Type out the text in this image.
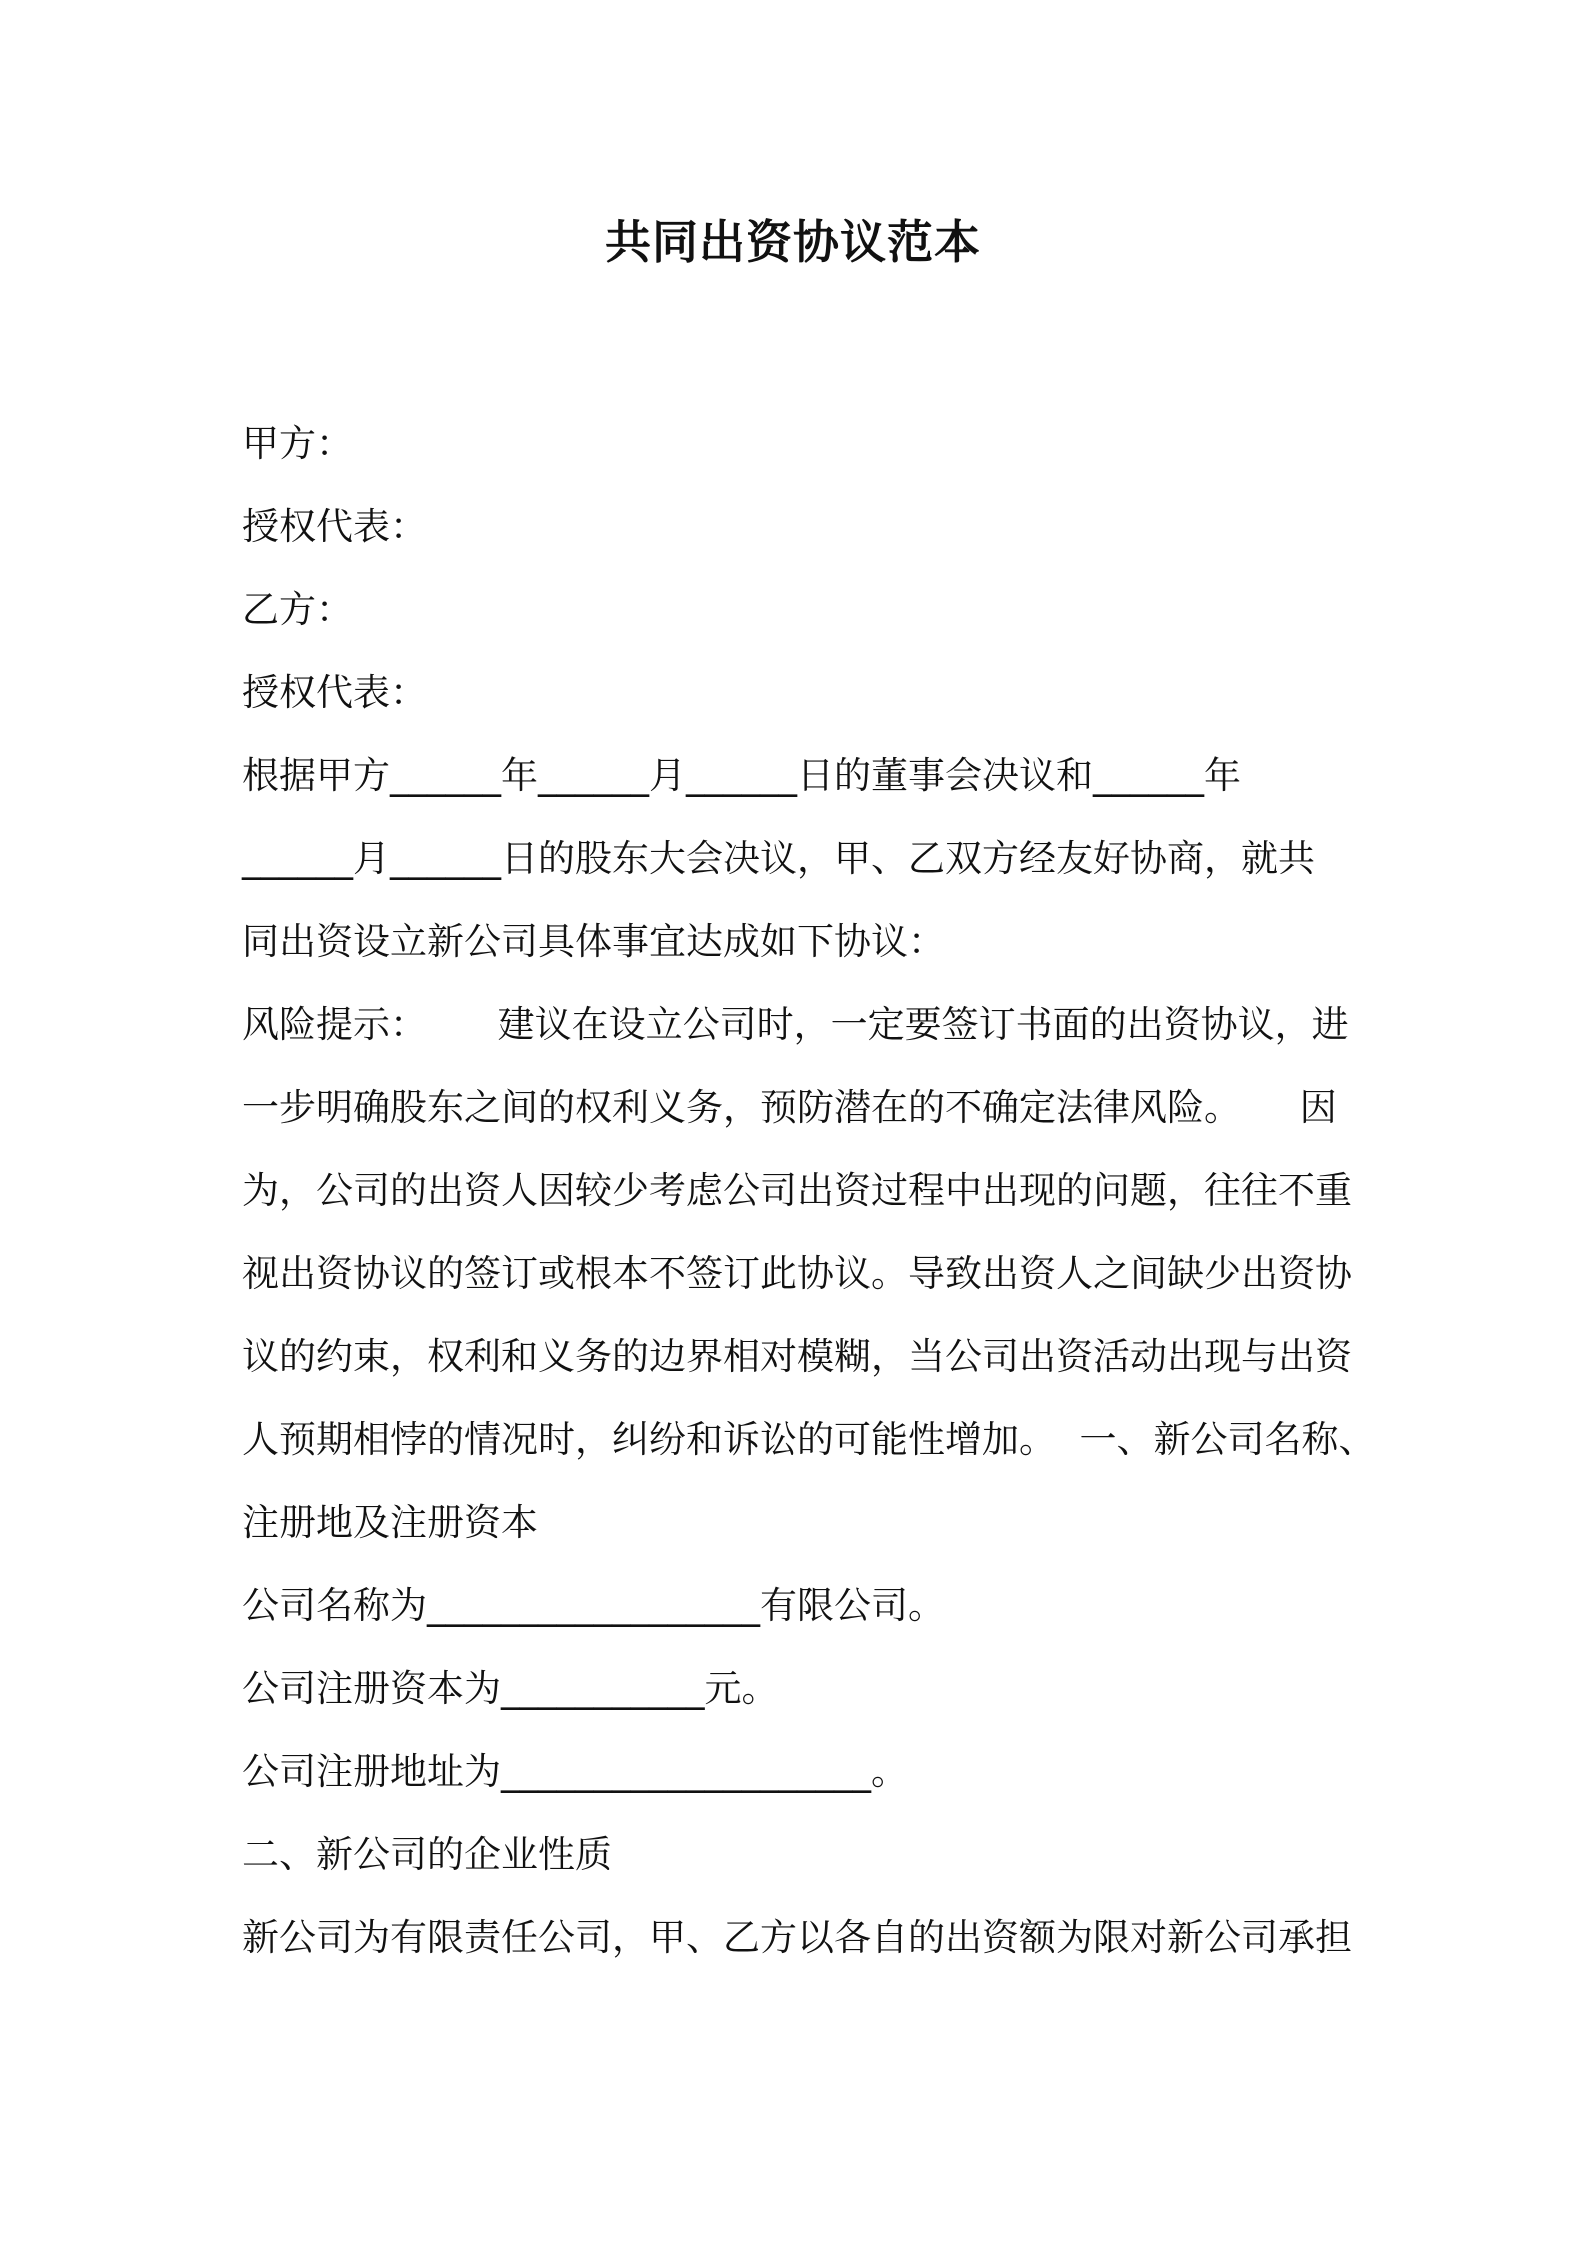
共同出资协议范本
甲方：
授权代表：
乙方：
授权代表：
根据甲方______年______月______日的董事会决议和______年
______月______日的股东大会决议，甲、乙双方经友好协商，就共
同出资设立新公司具体事宜达成如下协议：
风险提示：      建议在设立公司时，一定要签订书面的出资协议，进
一步明确股东之间的权利义务，预防潜在的不确定法律风险。     因
为，公司的出资人因较少考虑公司出资过程中出现的问题，往往不重
视出资协议的签订或根本不签订此协议。导致出资人之间缺少出资协
议的约束，权利和义务的边界相对模糊，当公司出资活动出现与出资
人预期相悖的情况时，纠纷和诉讼的可能性增加。  一、新公司名称、
注册地及注册资本
公司名称为__________________有限公司。
公司注册资本为___________元。
公司注册地址为____________________。
二、新公司的企业性质
新公司为有限责任公司，甲、乙方以各自的出资额为限对新公司承担
